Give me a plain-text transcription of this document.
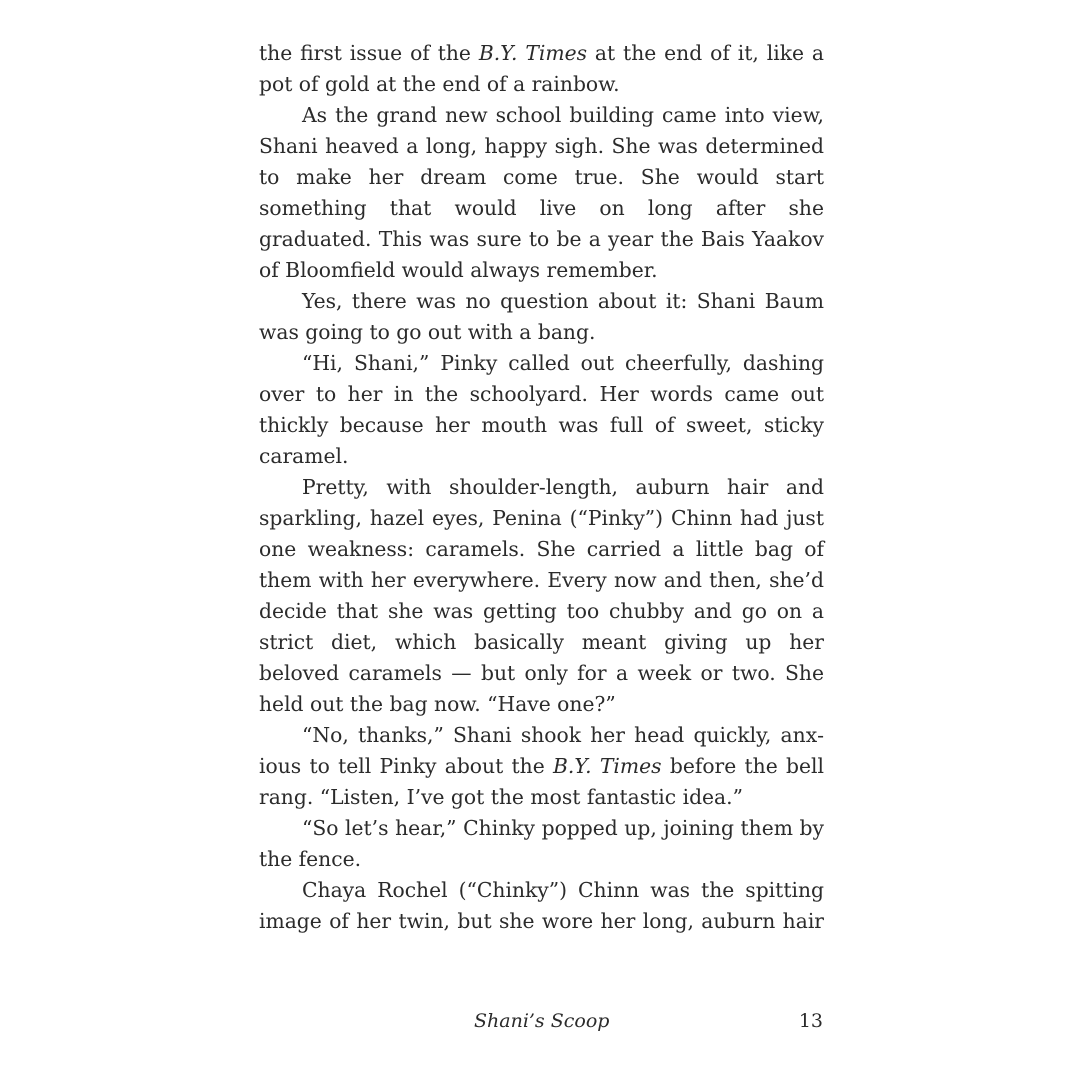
the first issue of the B.Y. Times at the end of it, like a pot of gold at the end of a rainbow.

As the grand new school building came into view, Shani heaved a long, happy sigh. She was determined to make her dream come true. She would start something that would live on long after she graduated. This was sure to be a year the Bais Yaakov of Bloomfield would always remember.

Yes, there was no question about it: Shani Baum was going to go out with a bang.

“Hi, Shani,” Pinky called out cheerfully, dashing over to her in the schoolyard. Her words came out thickly because her mouth was full of sweet, sticky caramel.

Pretty, with shoulder-length, auburn hair and sparkling, hazel eyes, Penina (“Pinky”) Chinn had just one weakness: caramels. She carried a little bag of them with her everywhere. Every now and then, she’d decide that she was getting too chubby and go on a strict diet, which basically meant giving up her beloved caramels — but only for a week or two. She held out the bag now. “Have one?”

“No, thanks,” Shani shook her head quickly, anxious to tell Pinky about the B.Y. Times before the bell rang. “Listen, I’ve got the most fantastic idea.”

“So let’s hear,” Chinky popped up, joining them by the fence.

Chaya Rochel (“Chinky”) Chinn was the spitting image of her twin, but she wore her long, auburn hair

Shani’s Scoop	13
